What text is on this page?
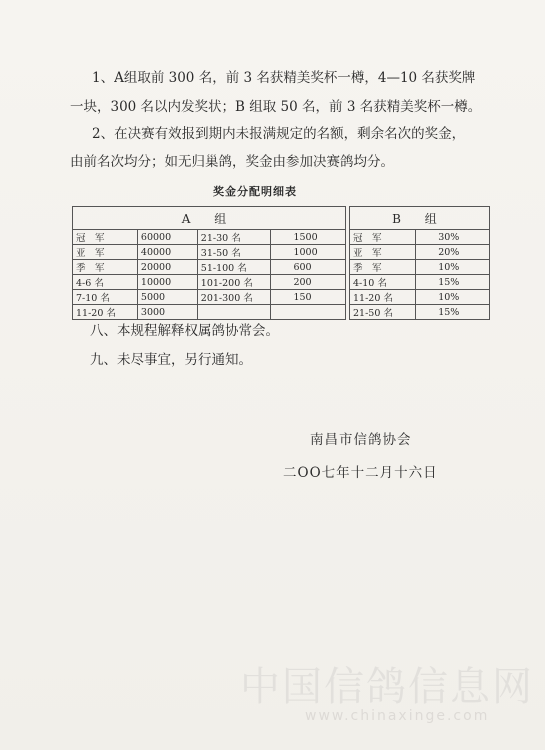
1、A组取前 300 名，前 3 名获精美奖杯一樽，4—10 名获奖牌
一块，300 名以内发奖状；B 组取 50 名，前 3 名获精美奖杯一樽。
2、在决赛有效报到期内未报满规定的名额，剩余名次的奖金，
由前名次均分；如无归巢鸽，奖金由参加决赛鸽均分。
奖金分配明细表
A 组			
冠　军	60000	21-30 名	1500
亚　军	40000	31-50 名	1000
季　军	20000	51-100 名	600
4-6 名	10000	101-200 名	200
7-10 名	5000	201-300 名	150
11-20 名	3000		
B 组	
冠　军	30%
亚　军	20%
季　军	10%
4-10 名	15%
11-20 名	10%
21-50 名	15%
八、本规程解释权属鸽协常会。
九、未尽事宜，另行通知。
南昌市信鸽协会
二OO七年十二月十六日
中国信鸽信息网
www.chinaxinge.com
